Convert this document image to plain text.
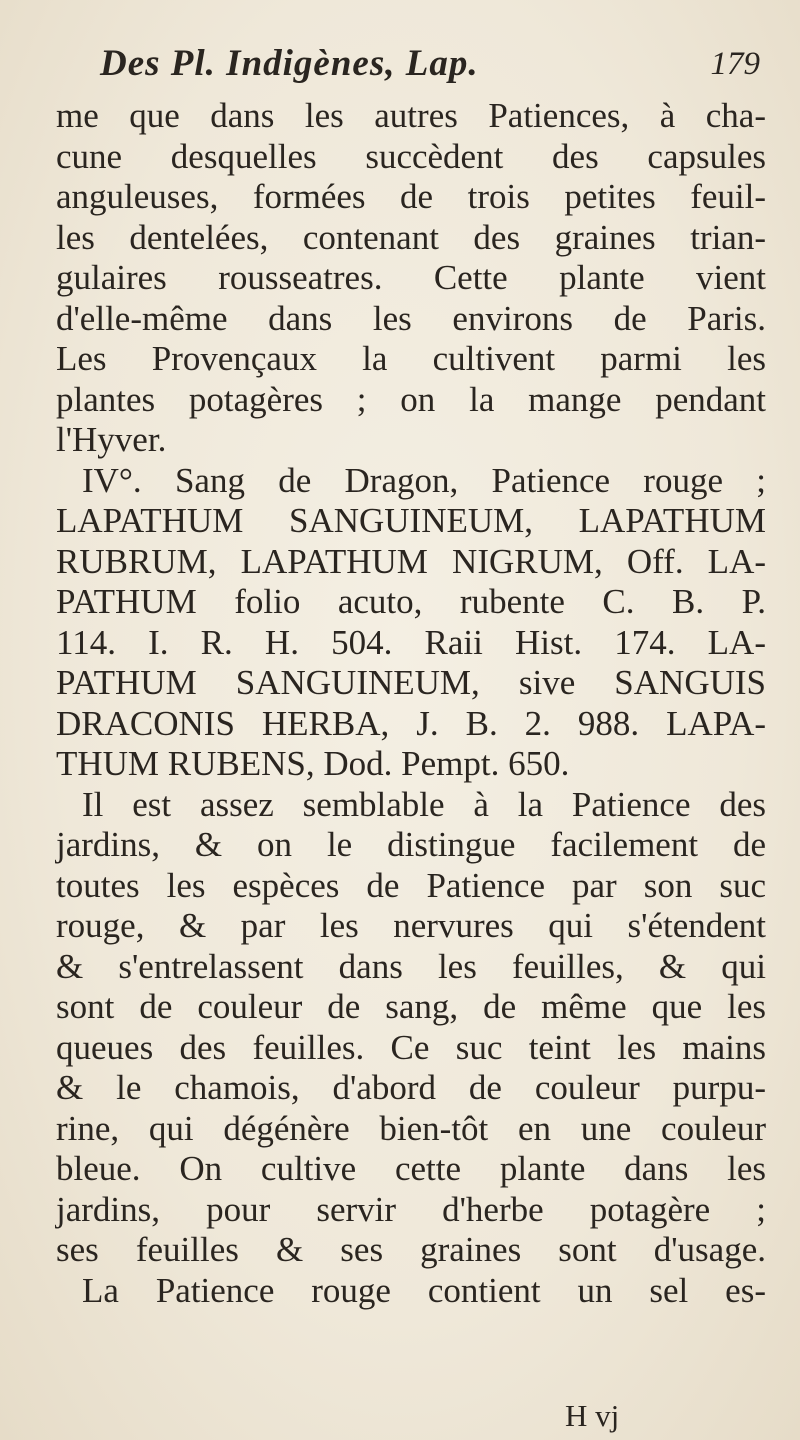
Des Pl. Indigènes, Lap.	179
me que dans les autres Patiences, à cha-
cune desquelles succèdent des capsules
anguleuses, formées de trois petites feuil-
les dentelées, contenant des graines trian-
gulaires rousseatres. Cette plante vient
d'elle-même dans les environs de Paris.
Les Provençaux la cultivent parmi les
plantes potagères ; on la mange pendant
l'Hyver.
IV°. Sang de Dragon, Patience rouge ;
LAPATHUM SANGUINEUM, LAPATHUM
RUBRUM, LAPATHUM NIGRUM, Off. LA-
PATHUM folio acuto, rubente C. B. P.
114. I. R. H. 504. Raii Hist. 174. LA-
PATHUM SANGUINEUM, sive SANGUIS
DRACONIS HERBA, J. B. 2. 988. LAPA-
THUM RUBENS, Dod. Pempt. 650.
Il est assez semblable à la Patience des
jardins, & on le distingue facilement de
toutes les espèces de Patience par son suc
rouge, & par les nervures qui s'étendent
& s'entrelassent dans les feuilles, & qui
sont de couleur de sang, de même que les
queues des feuilles. Ce suc teint les mains
& le chamois, d'abord de couleur purpu-
rine, qui dégénère bien-tôt en une couleur
bleue. On cultive cette plante dans les
jardins, pour servir d'herbe potagère ;
ses feuilles & ses graines sont d'usage.
La Patience rouge contient un sel es-
H vj
